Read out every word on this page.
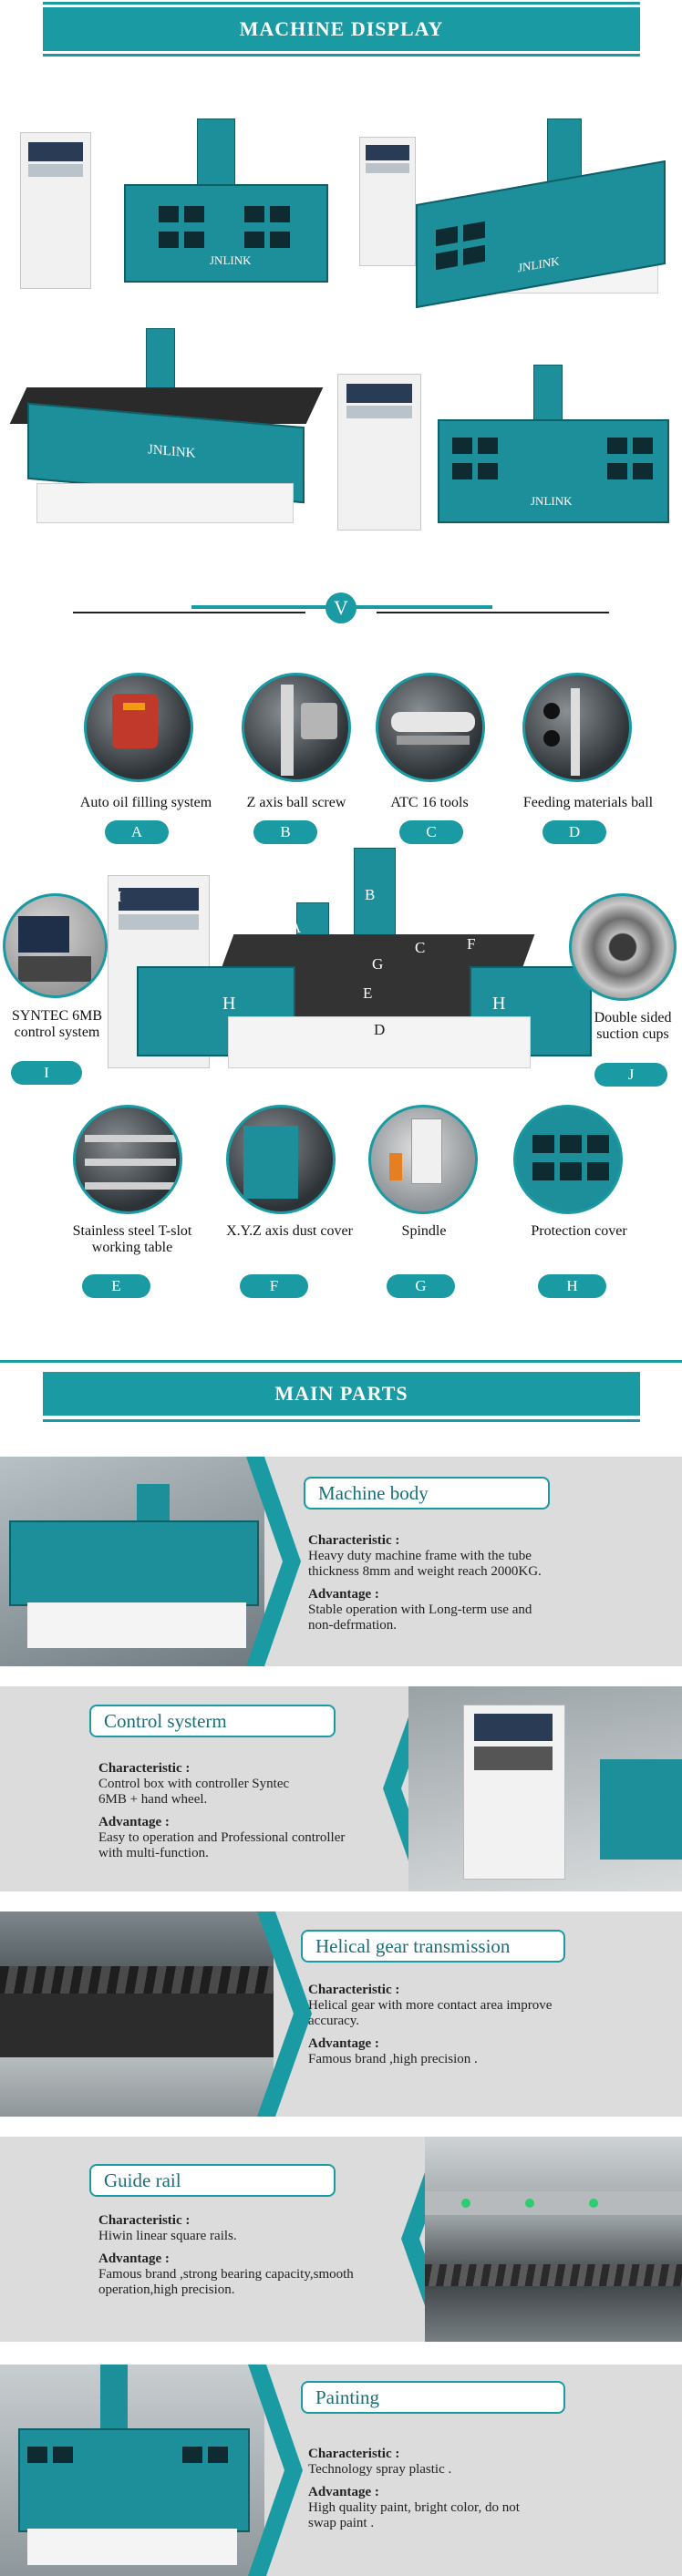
MACHINE DISPLAY
JNLINK	JNLINK
JNLINK
JNLINK
V
Auto oil filling system
A
Z axis ball screw
B
ATC 16 tools
C
Feeding materials ball
D
A
B
C
D
E
F
F
G
H	H
I
SYNTEC 6MB
control system
I
Double sided
suction cups
J
Stainless steel T-slot
working table
E
X.Y.Z axis dust cover
F
Spindle
G
Protection cover
H
MAIN PARTS
Machine body
Characteristic :
Heavy duty machine frame with the tube
thickness 8mm and weight reach 2000KG.
Advantage :
Stable operation with Long-term use and
non-defrmation.
Control systerm
Characteristic :
Control box with controller Syntec
6MB + hand wheel.
Advantage :
Easy to operation and Professional controller
with multi-function.
Helical gear transmission
Characteristic :
Helical gear with more contact area improve
accuracy.
Advantage :
Famous brand ,high precision .
Guide rail
Characteristic :
Hiwin linear square rails.
Advantage :
Famous brand ,strong bearing capacity,smooth
operation,high precision.
Painting
Characteristic :
Technology spray plastic .
Advantage :
High quality paint, bright color, do not
swap paint .
